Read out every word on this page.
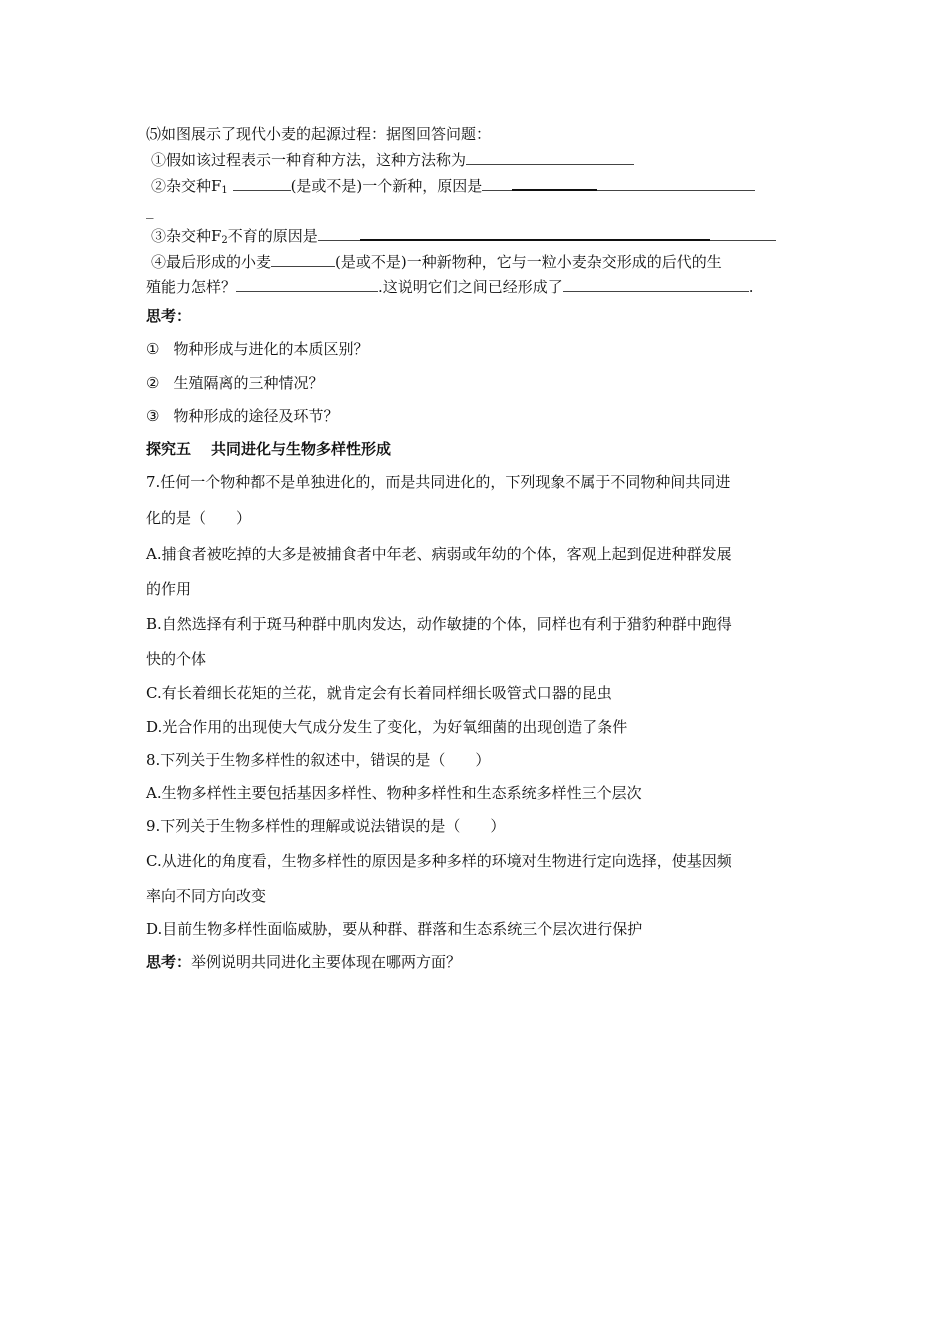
⑸如图展示了现代小麦的起源过程：据图回答问题：
①假如该过程表示一种育种方法，这种方法称为
②杂交种$F_1$	(是或不是)一个新种，原因是
_
③杂交种$F_2$不育的原因是
④最后形成的小麦	(是或不是)一种新物种，它与一粒小麦杂交形成的后代的生
殖能力怎样？	.这说明它们之间已经形成了	.
思考：
① 物种形成与进化的本质区别？
② 生殖隔离的三种情况？
③ 物种形成的途径及环节？
探究五 共同进化与生物多样性形成
7.任何一个物种都不是单独进化的，而是共同进化的，下列现象不属于不同物种间共同进
化的是（　　）
A.捕食者被吃掉的大多是被捕食者中年老、病弱或年幼的个体，客观上起到促进种群发展
的作用
B.自然选择有利于斑马种群中肌肉发达，动作敏捷的个体，同样也有利于猎豹种群中跑得
快的个体
C.有长着细长花矩的兰花，就肯定会有长着同样细长吸管式口器的昆虫
D.光合作用的出现使大气成分发生了变化，为好氧细菌的出现创造了条件
8.下列关于生物多样性的叙述中，错误的是（　　）
A.生物多样性主要包括基因多样性、物种多样性和生态系统多样性三个层次
9.下列关于生物多样性的理解或说法错误的是（　　）
C.从进化的角度看，生物多样性的原因是多种多样的环境对生物进行定向选择，使基因频
率向不同方向改变
D.目前生物多样性面临威胁，要从种群、群落和生态系统三个层次进行保护
思考：举例说明共同进化主要体现在哪两方面？
